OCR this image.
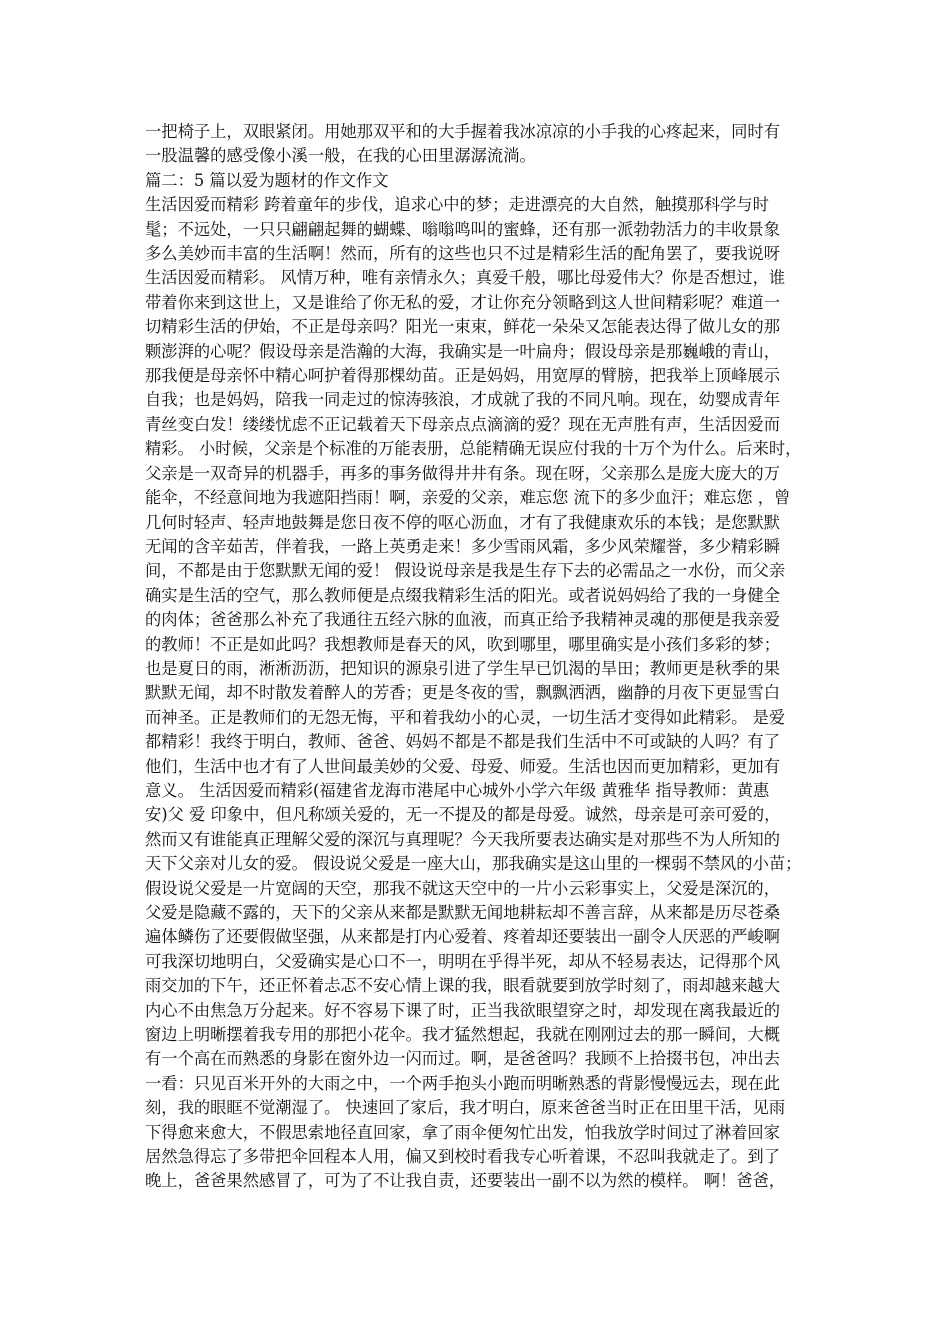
一把椅子上，双眼紧闭。用她那双平和的大手握着我冰凉凉的小手我的心疼起来，同时有
一股温馨的感受像小溪一般，在我的心田里潺潺流淌。
篇二：5 篇以爱为题材的作文作文
生活因爱而精彩 跨着童年的步伐，追求心中的梦；走进漂亮的大自然，触摸那科学与时
髦；不远处，一只只翩翩起舞的蝴蝶、嗡嗡鸣叫的蜜蜂，还有那一派勃勃活力的丰收景象
多么美妙而丰富的生活啊！然而，所有的这些也只不过是精彩生活的配角罢了，要我说呀
生活因爱而精彩。 风情万种，唯有亲情永久；真爱千般，哪比母爱伟大？你是否想过，谁
带着你来到这世上，又是谁给了你无私的爱，才让你充分领略到这人世间精彩呢？难道一
切精彩生活的伊始，不正是母亲吗？阳光一束束，鲜花一朵朵又怎能表达得了做儿女的那
颗澎湃的心呢？假设母亲是浩瀚的大海，我确实是一叶扁舟；假设母亲是那巍峨的青山，
那我便是母亲怀中精心呵护着得那棵幼苗。正是妈妈，用宽厚的臂膀，把我举上顶峰展示
自我；也是妈妈，陪我一同走过的惊涛骇浪，才成就了我的不同凡响。现在，幼婴成青年
青丝变白发！缕缕忧虑不正记载着天下母亲点点滴滴的爱？现在无声胜有声，生活因爱而
精彩。 小时候，父亲是个标准的万能表册，总能精确无误应付我的十万个为什么。后来时，
父亲是一双奇异的机器手，再多的事务做得井井有条。现在呀，父亲那么是庞大庞大的万
能伞，不经意间地为我遮阳挡雨！啊，亲爱的父亲，难忘您 流下的多少血汗；难忘您 ，曾
几何时轻声、轻声地鼓舞是您日夜不停的呕心沥血，才有了我健康欢乐的本钱；是您默默
无闻的含辛茹苦，伴着我，一路上英勇走来！多少雪雨风霜，多少风荣耀誉，多少精彩瞬
间，不都是由于您默默无闻的爱！ 假设说母亲是我是生存下去的必需品之一水份，而父亲
确实是生活的空气，那么教师便是点缀我精彩生活的阳光。或者说妈妈给了我的一身健全
的肉体；爸爸那么补充了我通往五经六脉的血液，而真正给予我精神灵魂的那便是我亲爱
的教师！不正是如此吗？我想教师是春天的风，吹到哪里，哪里确实是小孩们多彩的梦；
也是夏日的雨，淅淅沥沥，把知识的源泉引进了学生早已饥渴的旱田；教师更是秋季的果
默默无闻，却不时散发着醉人的芳香；更是冬夜的雪，飘飘洒洒，幽静的月夜下更显雪白
而神圣。正是教师们的无怨无悔，平和着我幼小的心灵，一切生活才变得如此精彩。 是爱
都精彩！我终于明白，教师、爸爸、妈妈不都是不都是我们生活中不可或缺的人吗？有了
他们，生活中也才有了人世间最美妙的父爱、母爱、师爱。生活也因而更加精彩，更加有
意义。 生活因爱而精彩(福建省龙海市港尾中心城外小学六年级 黄雅华 指导教师：黄惠
安)父 爱 印象中，但凡称颂关爱的，无一不提及的都是母爱。诚然，母亲是可亲可爱的，
然而又有谁能真正理解父爱的深沉与真理呢？今天我所要表达确实是对那些不为人所知的
天下父亲对儿女的爱。 假设说父爱是一座大山，那我确实是这山里的一棵弱不禁风的小苗；
假设说父爱是一片宽阔的天空，那我不就这天空中的一片小云彩事实上，父爱是深沉的，
父爱是隐藏不露的，天下的父亲从来都是默默无闻地耕耘却不善言辞，从来都是历尽苍桑
遍体鳞伤了还要假做坚强，从来都是打内心爱着、疼着却还要装出一副令人厌恶的严峻啊
可我深切地明白，父爱确实是心口不一，明明在乎得半死，却从不轻易表达，记得那个风
雨交加的下午，还正怀着忐忑不安心情上课的我，眼看就要到放学时刻了，雨却越来越大
内心不由焦急万分起来。好不容易下课了时，正当我欲眼望穿之时，却发现在离我最近的
窗边上明晰摆着我专用的那把小花伞。我才猛然想起，我就在刚刚过去的那一瞬间，大概
有一个高在而熟悉的身影在窗外边一闪而过。啊，是爸爸吗？我顾不上拾掇书包，冲出去
一看：只见百米开外的大雨之中，一个两手抱头小跑而明晰熟悉的背影慢慢远去，现在此
刻，我的眼眶不觉潮湿了。 快速回了家后，我才明白，原来爸爸当时正在田里干活，见雨
下得愈来愈大，不假思索地径直回家，拿了雨伞便匆忙出发，怕我放学时间过了淋着回家
居然急得忘了多带把伞回程本人用，偏又到校时看我专心听着课，不忍叫我就走了。到了
晚上，爸爸果然感冒了，可为了不让我自责，还要装出一副不以为然的模样。 啊！爸爸，
